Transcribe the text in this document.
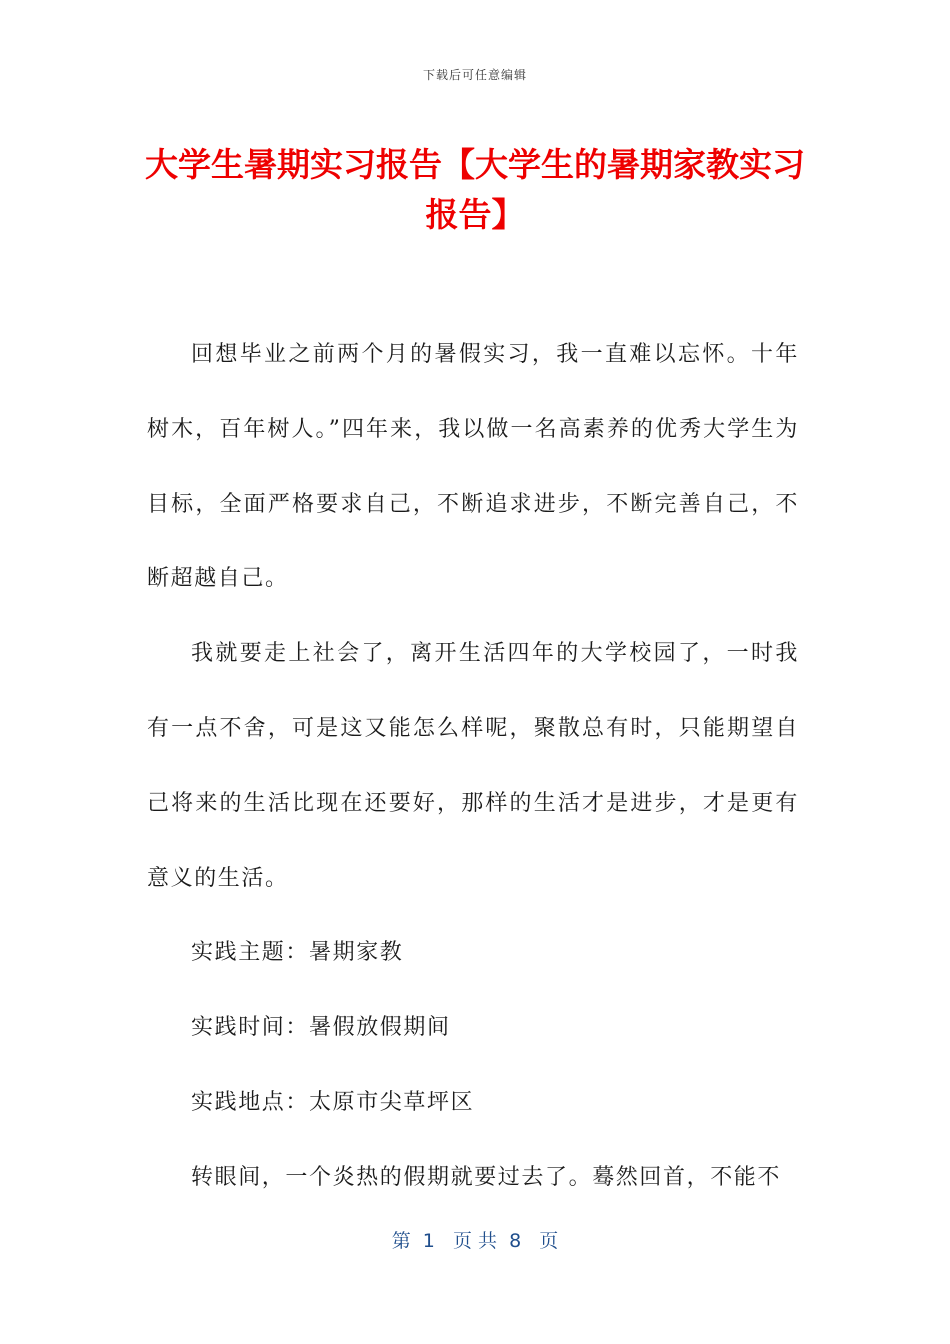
下载后可任意编辑
大学生暑期实习报告【大学生的暑期家教实习报告】

回想毕业之前两个月的暑假实习，我一直难以忘怀。十年树木，百年树人。”四年来，我以做一名高素养的优秀大学生为目标，全面严格要求自己，不断追求进步，不断完善自己，不断超越自己。

我就要走上社会了，离开生活四年的大学校园了，一时我有一点不舍，可是这又能怎么样呢，聚散总有时，只能期望自己将来的生活比现在还要好，那样的生活才是进步，才是更有意义的生活。

实践主题：暑期家教

实践时间：暑假放假期间

实践地点：太原市尖草坪区

转眼间，一个炎热的假期就要过去了。蓦然回首，不能不

第  1   页 共  8   页
